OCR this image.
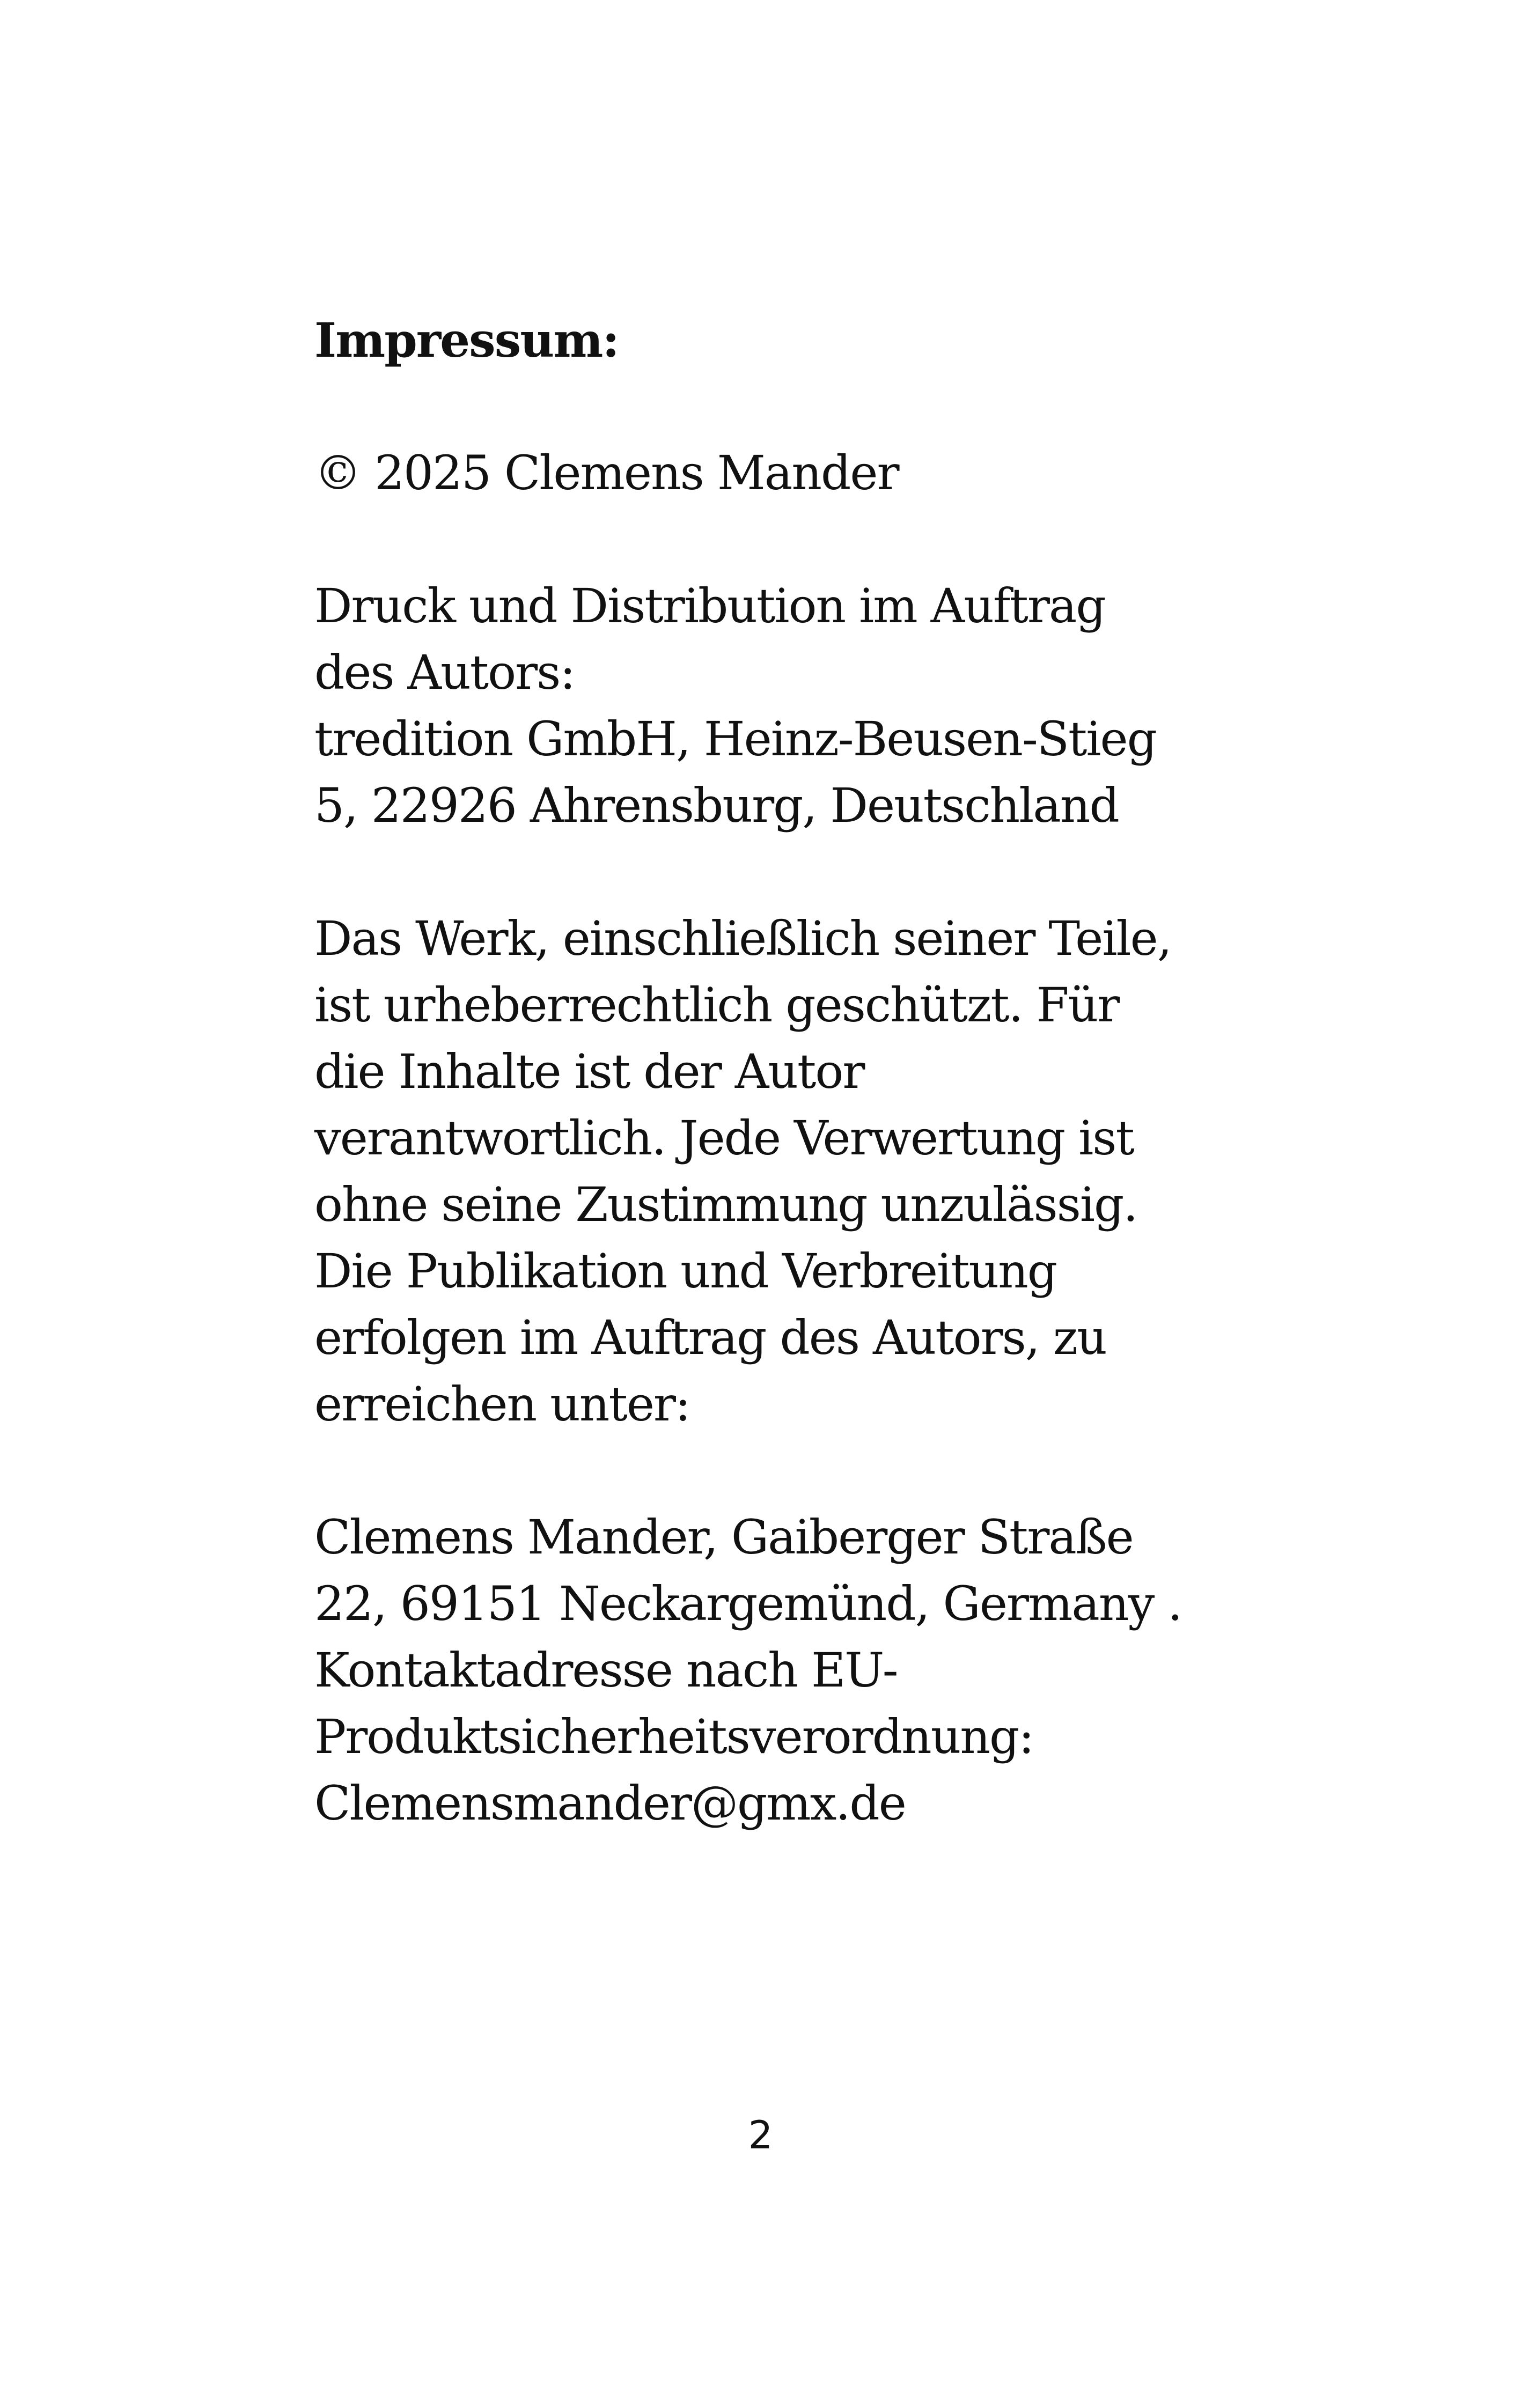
Impressum:
© 2025 Clemens Mander
Druck und Distribution im Auftrag
des Autors:
tredition GmbH, Heinz-Beusen-Stieg
5, 22926 Ahrensburg, Deutschland
Das Werk, einschließlich seiner Teile,
ist urheberrechtlich geschützt. Für
die Inhalte ist der Autor
verantwortlich. Jede Verwertung ist
ohne seine Zustimmung unzulässig.
Die Publikation und Verbreitung
erfolgen im Auftrag des Autors, zu
erreichen unter:
Clemens Mander, Gaiberger Straße
22, 69151 Neckargemünd, Germany .
Kontaktadresse nach EU-
Produktsicherheitsverordnung:
Clemensmander@gmx.de
2
